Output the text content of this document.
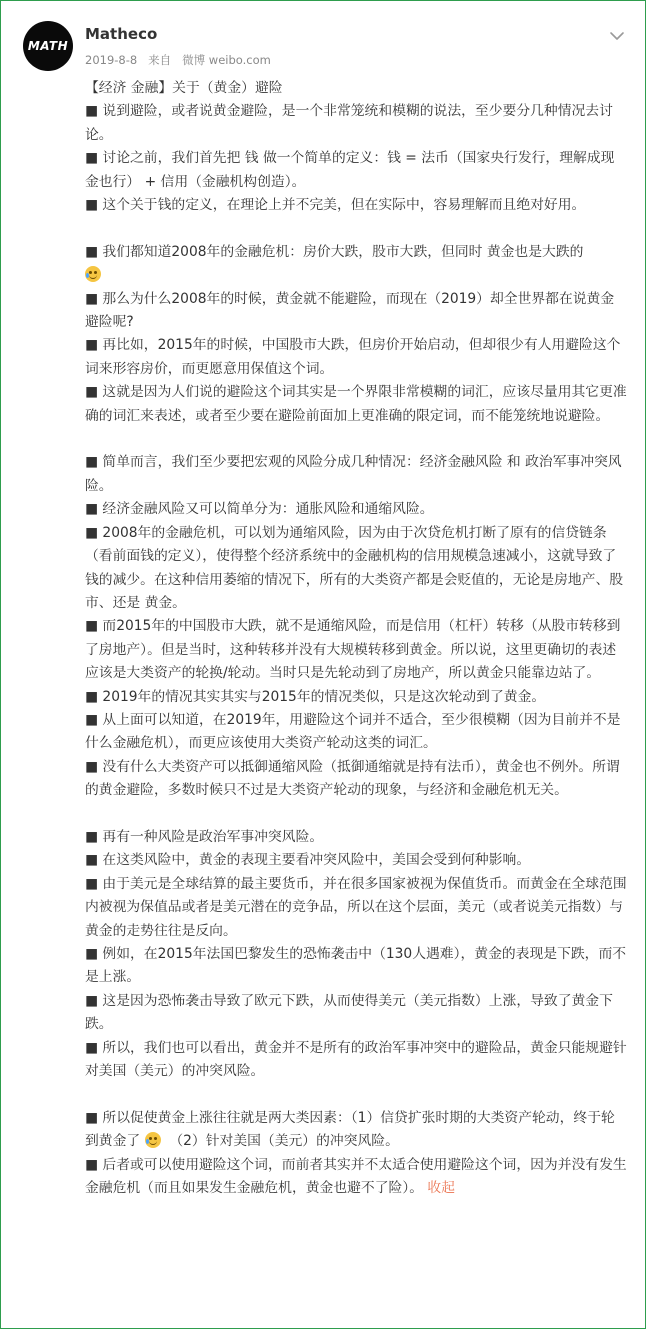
MATH
Matheco
2019-8-8 来自 微博 weibo.com

【经济 金融】关于（黄金）避险

■ 说到避险，或者说黄金避险，是一个非常笼统和模糊的说法，至少要分几种情况去讨论。

■ 讨论之前，我们首先把 钱 做一个简单的定义：钱 = 法币（国家央行发行，理解成现金也行） + 信用（金融机构创造）。

■ 这个关于钱的定义，在理论上并不完美，但在实际中，容易理解而且绝对好用。

■ 我们都知道2008年的金融危机：房价大跌，股市大跌，但同时 黄金也是大跌的

■ 那么为什么2008年的时候，黄金就不能避险，而现在（2019）却全世界都在说黄金避险呢?

■ 再比如，2015年的时候，中国股市大跌，但房价开始启动，但却很少有人用避险这个词来形容房价，而更愿意用保值这个词。

■ 这就是因为人们说的避险这个词其实是一个界限非常模糊的词汇，应该尽量用其它更准确的词汇来表述，或者至少要在避险前面加上更准确的限定词，而不能笼统地说避险。

■ 简单而言，我们至少要把宏观的风险分成几种情况：经济金融风险 和 政治军事冲突风险。

■ 经济金融风险又可以简单分为：通胀风险和通缩风险。

■ 2008年的金融危机，可以划为通缩风险，因为由于次贷危机打断了原有的信贷链条（看前面钱的定义），使得整个经济系统中的金融机构的信用规模急速减小，这就导致了钱的减少。在这种信用萎缩的情况下，所有的大类资产都是会贬值的，无论是房地产、股市、还是 黄金。

■ 而2015年的中国股市大跌，就不是通缩风险，而是信用（杠杆）转移（从股市转移到了房地产）。但是当时，这种转移并没有大规模转移到黄金。所以说，这里更确切的表述应该是大类资产的轮换/轮动。当时只是先轮动到了房地产，所以黄金只能靠边站了。

■ 2019年的情况其实其实与2015年的情况类似，只是这次轮动到了黄金。

■ 从上面可以知道，在2019年，用避险这个词并不适合，至少很模糊（因为目前并不是什么金融危机），而更应该使用大类资产轮动这类的词汇。

■ 没有什么大类资产可以抵御通缩风险（抵御通缩就是持有法币），黄金也不例外。所谓的黄金避险，多数时候只不过是大类资产轮动的现象，与经济和金融危机无关。

■ 再有一种风险是政治军事冲突风险。

■ 在这类风险中，黄金的表现主要看冲突风险中，美国会受到何种影响。

■ 由于美元是全球结算的最主要货币，并在很多国家被视为保值货币。而黄金在全球范围内被视为保值品或者是美元潜在的竞争品，所以在这个层面，美元（或者说美元指数）与黄金的走势往往是反向。

■ 例如，在2015年法国巴黎发生的恐怖袭击中（130人遇难），黄金的表现是下跌，而不是上涨。

■ 这是因为恐怖袭击导致了欧元下跌，从而使得美元（美元指数）上涨，导致了黄金下跌。

■ 所以，我们也可以看出，黄金并不是所有的政治军事冲突中的避险品，黄金只能规避针对美国（美元）的冲突风险。

■ 所以促使黄金上涨往往就是两大类因素：（1）信贷扩张时期的大类资产轮动，终于轮到黄金了 （2）针对美国（美元）的冲突风险。

■ 后者或可以使用避险这个词，而前者其实并不太适合使用避险这个词，因为并没有发生金融危机（而且如果发生金融危机，黄金也避不了险）。 收起
